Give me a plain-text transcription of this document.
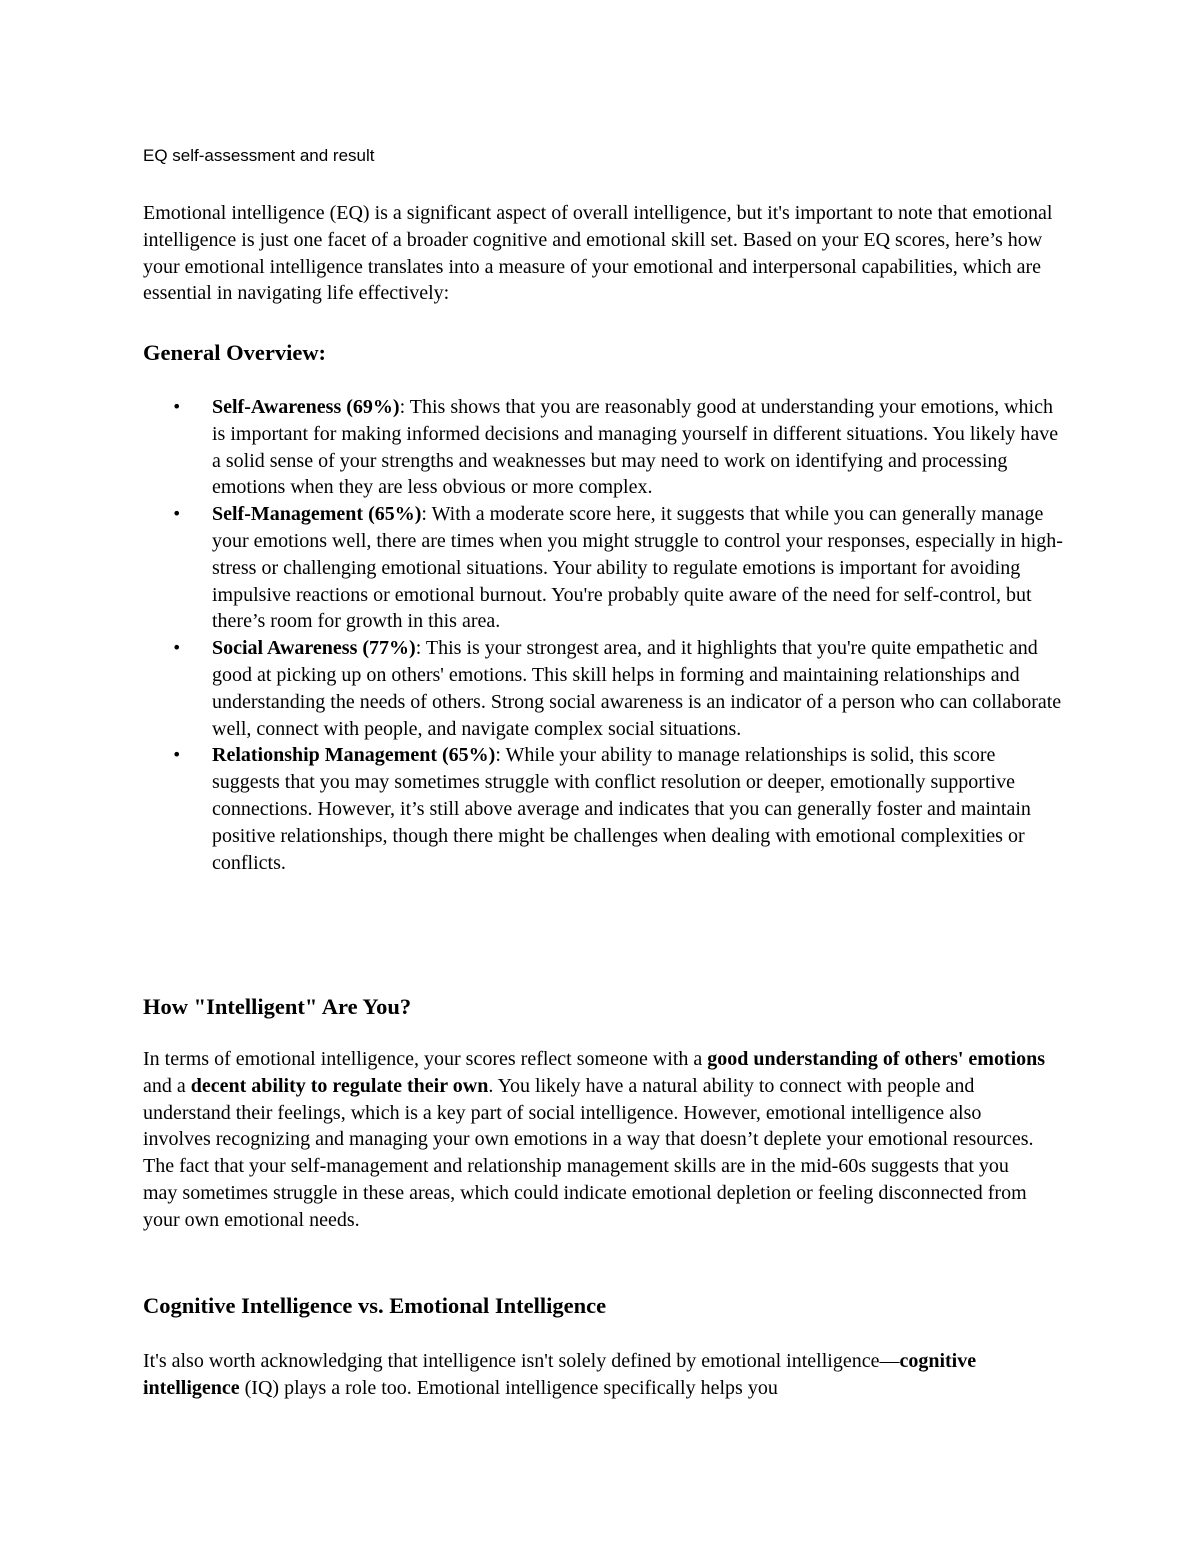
EQ self-assessment and result

Emotional intelligence (EQ) is a significant aspect of overall intelligence, but it's important to note that emotional intelligence is just one facet of a broader cognitive and emotional skill set. Based on your EQ scores, here’s how your emotional intelligence translates into a measure of your emotional and interpersonal capabilities, which are essential in navigating life effectively:

General Overview:
• Self-Awareness (69%): This shows that you are reasonably good at understanding your emotions, which is important for making informed decisions and managing yourself in different situations. You likely have a solid sense of your strengths and weaknesses but may need to work on identifying and processing emotions when they are less obvious or more complex.
• Self-Management (65%): With a moderate score here, it suggests that while you can generally manage your emotions well, there are times when you might struggle to control your responses, especially in high-stress or challenging emotional situations. Your ability to regulate emotions is important for avoiding impulsive reactions or emotional burnout. You're probably quite aware of the need for self-control, but there’s room for growth in this area.
• Social Awareness (77%): This is your strongest area, and it highlights that you're quite empathetic and good at picking up on others' emotions. This skill helps in forming and maintaining relationships and understanding the needs of others. Strong social awareness is an indicator of a person who can collaborate well, connect with people, and navigate complex social situations.
• Relationship Management (65%): While your ability to manage relationships is solid, this score suggests that you may sometimes struggle with conflict resolution or deeper, emotionally supportive connections. However, it’s still above average and indicates that you can generally foster and maintain positive relationships, though there might be challenges when dealing with emotional complexities or conflicts.
How "Intelligent" Are You?

In terms of emotional intelligence, your scores reflect someone with a good understanding of others' emotions and a decent ability to regulate their own. You likely have a natural ability to connect with people and understand their feelings, which is a key part of social intelligence. However, emotional intelligence also involves recognizing and managing your own emotions in a way that doesn’t deplete your emotional resources. The fact that your self-management and relationship management skills are in the mid-60s suggests that you may sometimes struggle in these areas, which could indicate emotional depletion or feeling disconnected from your own emotional needs.

Cognitive Intelligence vs. Emotional Intelligence

It's also worth acknowledging that intelligence isn't solely defined by emotional intelligence—cognitive intelligence (IQ) plays a role too. Emotional intelligence specifically helps you
